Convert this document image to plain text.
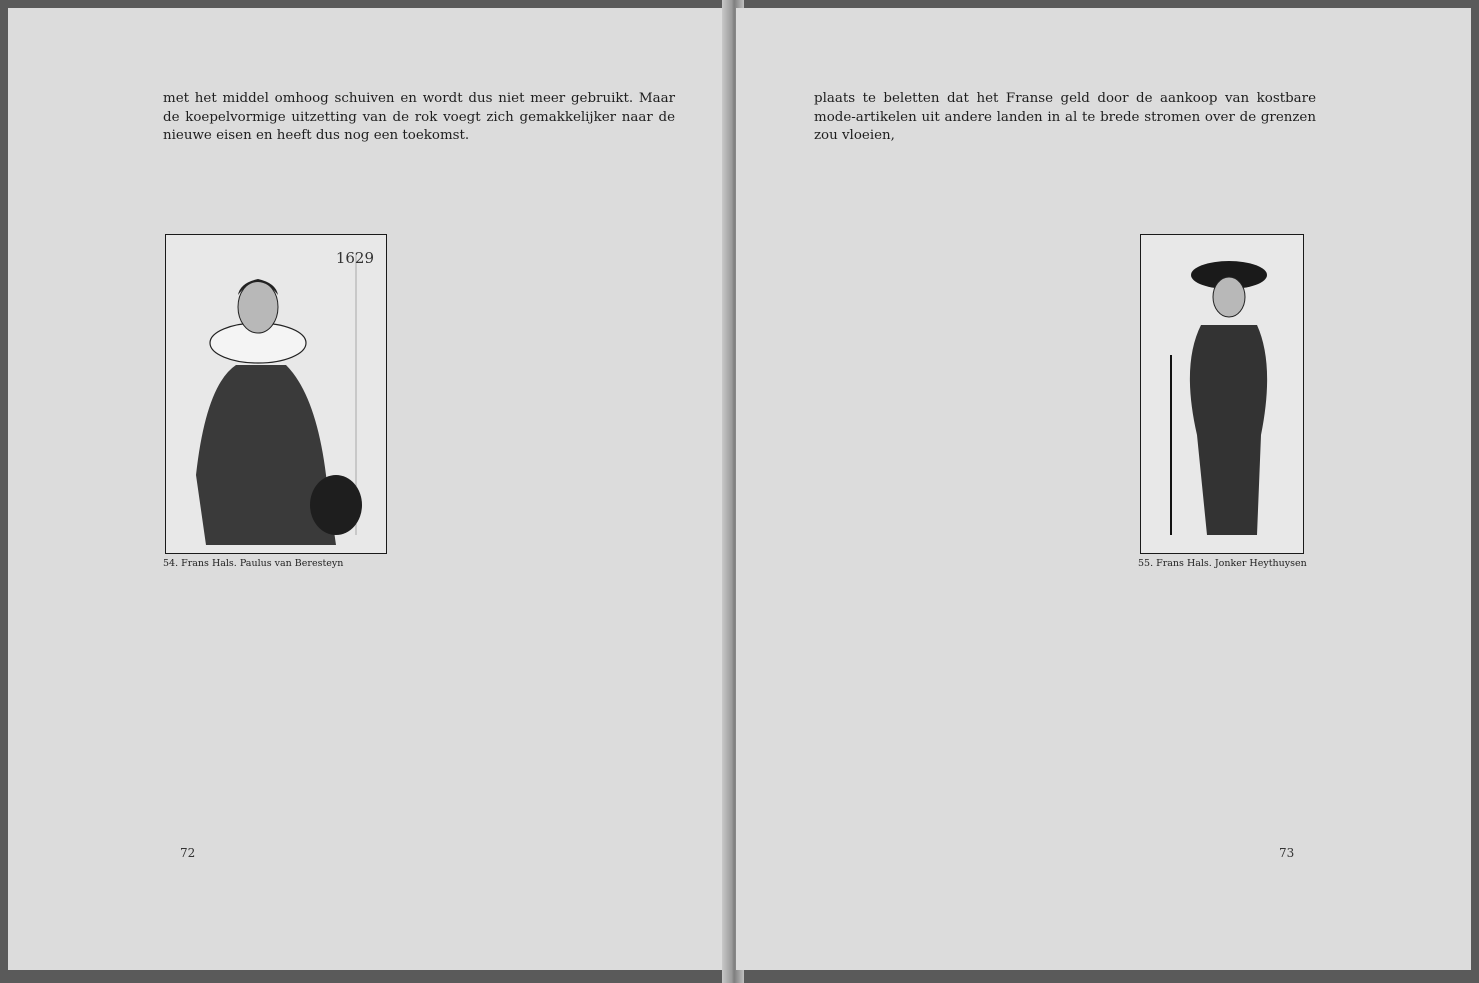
met het middel omhoog schuiven en wordt dus niet meer gebruikt. Maar de koepelvormige uitzetting van de rok voegt zich gemakkelijker naar de nieuwe eisen en heeft dus nog een toekomst.

1629
54. Frans Hals. Paulus van Beresteyn
72

plaats te beletten dat het Franse geld door de aankoop van kostbare mode-artikelen uit andere landen in al te brede stromen over de grenzen zou vloeien,

55. Frans Hals. Jonker Heythuysen
73
